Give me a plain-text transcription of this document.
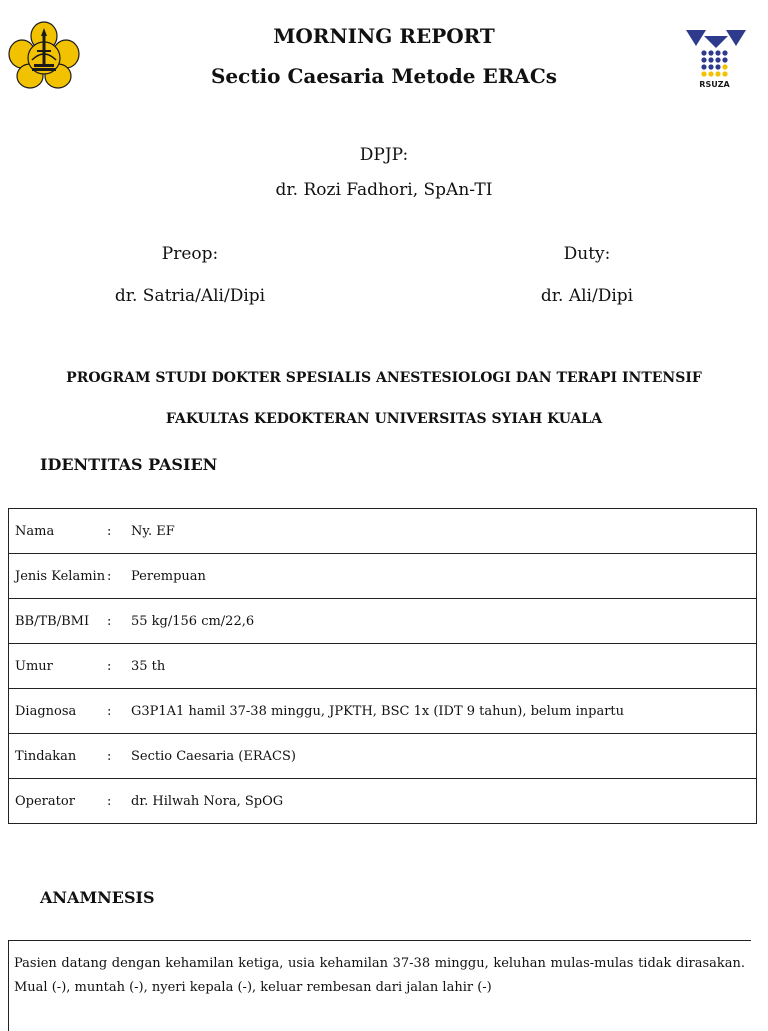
RSUZA
MORNING REPORT
Sectio Caesaria Metode ERACs
DPJP:
dr. Rozi Fadhori, SpAn-TI
Preop:
dr. Satria/Ali/Dipi
Duty:
dr. Ali/Dipi
PROGRAM STUDI DOKTER SPESIALIS ANESTESIOLOGI DAN TERAPI INTENSIF
FAKULTAS KEDOKTERAN UNIVERSITAS SYIAH KUALA
IDENTITAS PASIEN
Nama	:	Ny. EF
Jenis Kelamin	:	Perempuan
BB/TB/BMI	:	55 kg/156 cm/22,6
Umur	:	35 th
Diagnosa	:	G3P1A1 hamil 37-38 minggu, JPKTH, BSC 1x (IDT 9 tahun), belum inpartu
Tindakan	:	Sectio Caesaria (ERACS)
Operator	:	dr. Hilwah Nora, SpOG
ANAMNESIS
Pasien datang dengan kehamilan ketiga, usia kehamilan 37-38 minggu, keluhan mulas-mulas tidak dirasakan. Mual (-), muntah (-), nyeri kepala (-), keluar rembesan dari jalan lahir (-)
